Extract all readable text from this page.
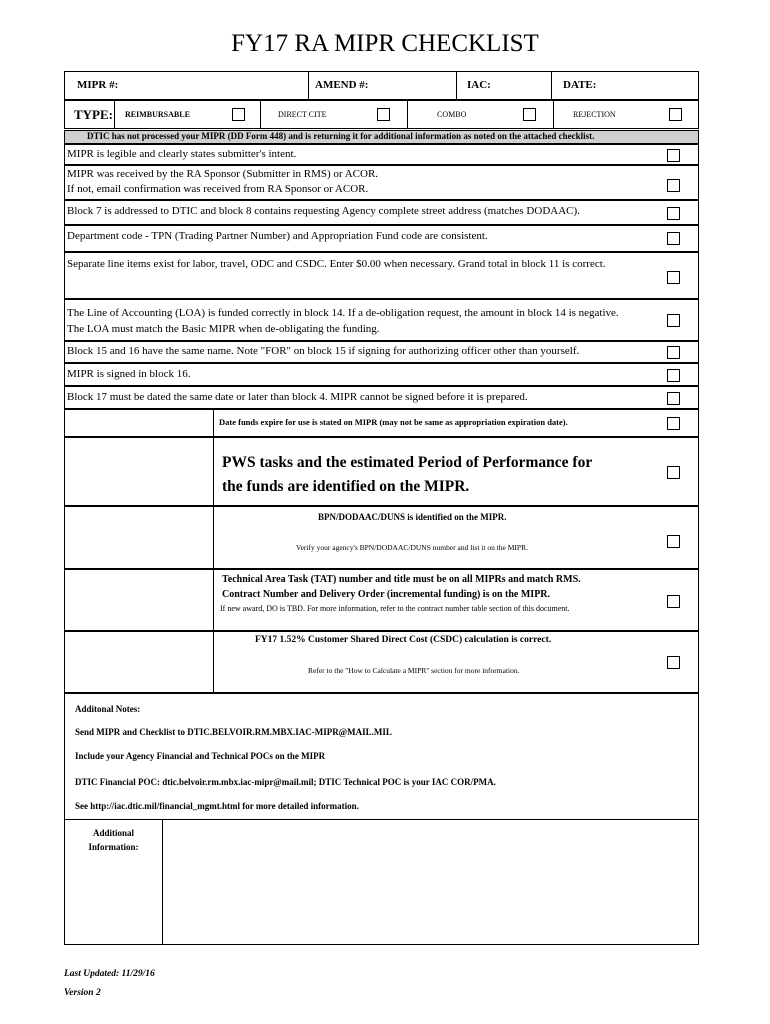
FY17 RA MIPR CHECKLIST
MIPR #:	AMEND #:	IAC:	DATE:
TYPE: REIMBURSABLE	DIRECT CITE	COMBO	REJECTION
DTIC has not processed your MIPR (DD Form 448) and is returning it for additional information as noted on the attached checklist.
MIPR is legible and clearly states submitter's intent.
MIPR was received by the RA Sponsor (Submitter in RMS) or ACOR.
If not, email confirmation was received from RA Sponsor or ACOR.
Block 7 is addressed to DTIC and block 8 contains requesting Agency complete street address (matches DODAAC).
Department code - TPN (Trading Partner Number) and Appropriation Fund code are consistent.
Separate line items exist for labor, travel, ODC and CSDC. Enter $0.00 when necessary. Grand total in block 11 is correct.
The Line of Accounting (LOA) is funded correctly in block 14. If a de-obligation request, the amount in block 14 is negative.
The LOA must match the Basic MIPR when de-obligating the funding.
Block 15 and 16 have the same name. Note "FOR" on block 15 if signing for authorizing officer other than yourself.
MIPR is signed in block 16.
Block 17 must be dated the same date or later than block 4. MIPR cannot be signed before it is prepared.
Date funds expire for use is stated on MIPR (may not be same as appropriation expiration date).
PWS tasks and the estimated Period of Performance for
the funds are identified on the MIPR.
BPN/DODAAC/DUNS is identified on the MIPR.
Verify your agency's BPN/DODAAC/DUNS number and list it on the MIPR.
Technical Area Task (TAT) number and title must be on all MIPRs and match RMS.
Contract Number and Delivery Order (incremental funding) is on the MIPR.
If new award, DO is TBD. For more information, refer to the contract number table section of this document.
FY17 1.52% Customer Shared Direct Cost (CSDC) calculation is correct.
Refer to the "How to Calculate a MIPR" section for more information.
Additonal Notes:
Send MIPR and Checklist to DTIC.BELVOIR.RM.MBX.IAC-MIPR@MAIL.MIL
Include your Agency Financial and Technical POCs on the MIPR
DTIC Financial POC: dtic.belvoir.rm.mbx.iac-mipr@mail.mil; DTIC Technical POC is your IAC COR/PMA.
See http://iac.dtic.mil/financial_mgmt.html for more detailed information.
Additional
Information:
Last Updated: 11/29/16
Version 2
